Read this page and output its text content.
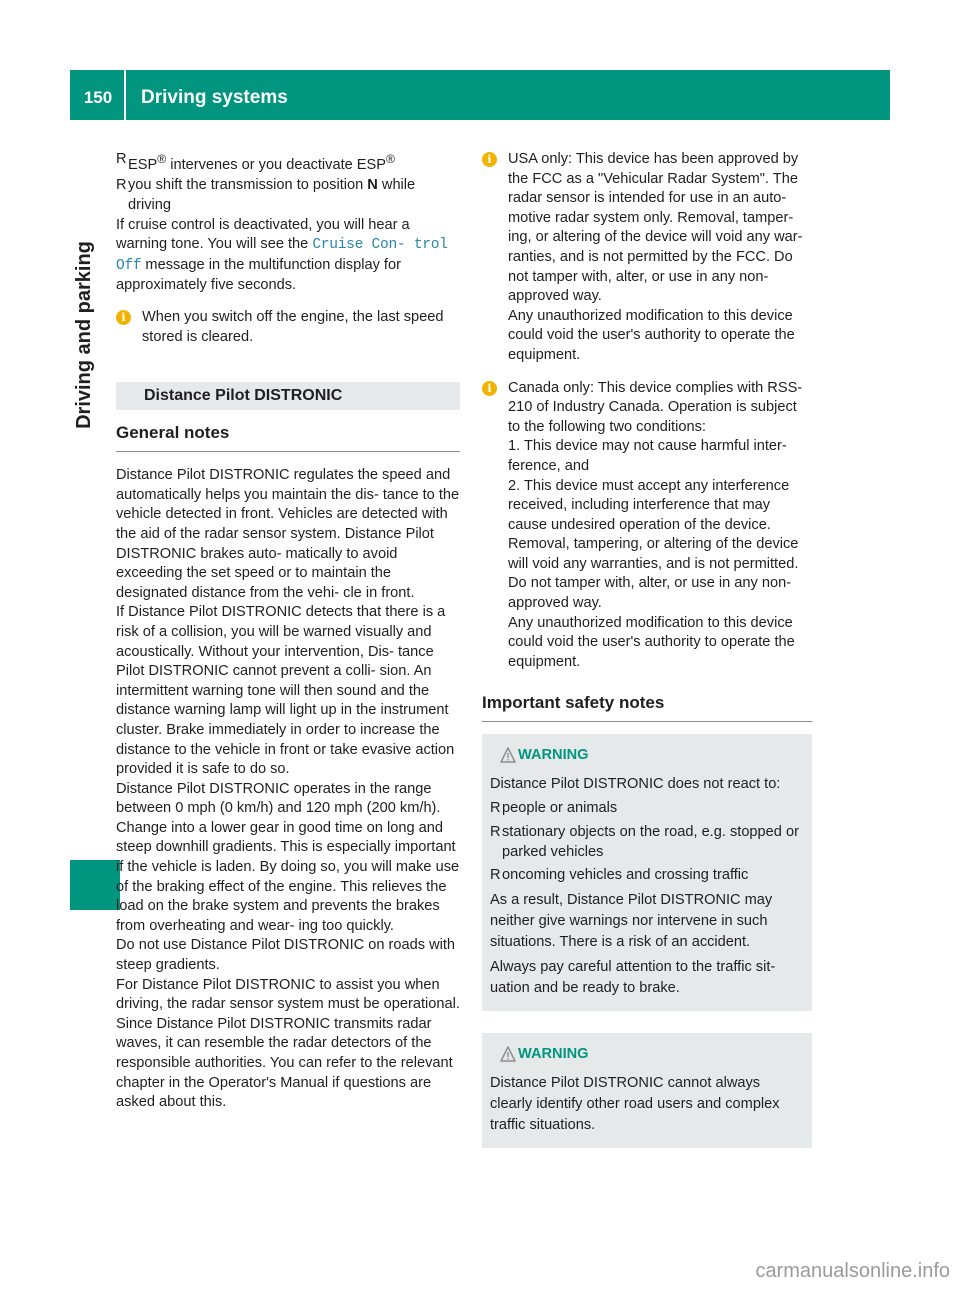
150	Driving systems
Driving and parking
R ESP® intervenes or you deactivate ESP®
R you shift the transmission to position N while driving

If cruise control is deactivated, you will hear a warning tone. You will see the Cruise Con‑ trol Off message in the multifunction display for approximately five seconds.

i	When you switch off the engine, the last speed stored is cleared.
Distance Pilot DISTRONIC
General notes

Distance Pilot DISTRONIC regulates the speed and automatically helps you maintain the dis- tance to the vehicle detected in front. Vehicles are detected with the aid of the radar sensor system. Distance Pilot DISTRONIC brakes auto- matically to avoid exceeding the set speed or to maintain the designated distance from the vehi- cle in front.

If Distance Pilot DISTRONIC detects that there is a risk of a collision, you will be warned visually and acoustically. Without your intervention, Dis- tance Pilot DISTRONIC cannot prevent a colli- sion. An intermittent warning tone will then sound and the distance warning lamp will light up in the instrument cluster. Brake immediately in order to increase the distance to the vehicle in front or take evasive action provided it is safe to do so.

Distance Pilot DISTRONIC operates in the range between 0 mph (0 km/h) and 120 mph (200 km/h).

Change into a lower gear in good time on long and steep downhill gradients. This is especially important if the vehicle is laden. By doing so, you will make use of the braking effect of the engine. This relieves the load on the brake system and prevents the brakes from overheating and wear- ing too quickly.

Do not use Distance Pilot DISTRONIC on roads with steep gradients.

For Distance Pilot DISTRONIC to assist you when driving, the radar sensor system must be operational.

Since Distance Pilot DISTRONIC transmits radar waves, it can resemble the radar detectors of the responsible authorities. You can refer to the relevant chapter in the Operator's Manual if questions are asked about this.

i	USA only: This device has been approved by the FCC as a "Vehicular Radar System". The radar sensor is intended for use in an auto- motive radar system only. Removal, tamper- ing, or altering of the device will void any war- ranties, and is not permitted by the FCC. Do not tamper with, alter, or use in any non- approved way.

Any unauthorized modification to this device could void the user's authority to operate the equipment.

i	Canada only: This device complies with RSS-210 of Industry Canada. Operation is subject to the following two conditions:

1. This device may not cause harmful inter- ference, and

2. This device must accept any interference received, including interference that may cause undesired operation of the device.

Removal, tampering, or altering of the device will void any warranties, and is not permitted. Do not tamper with, alter, or use in any non- approved way.

Any unauthorized modification to this device could void the user's authority to operate the equipment.

Important safety notes
WARNING

Distance Pilot DISTRONIC does not react to:

R people or animals
R stationary objects on the road, e.g. stopped or parked vehicles
R oncoming vehicles and crossing traffic

As a result, Distance Pilot DISTRONIC may neither give warnings nor intervene in such situations. There is a risk of an accident.

Always pay careful attention to the traffic sit- uation and be ready to brake.

WARNING

Distance Pilot DISTRONIC cannot always clearly identify other road users and complex traffic situations.

carmanualsonline.info
